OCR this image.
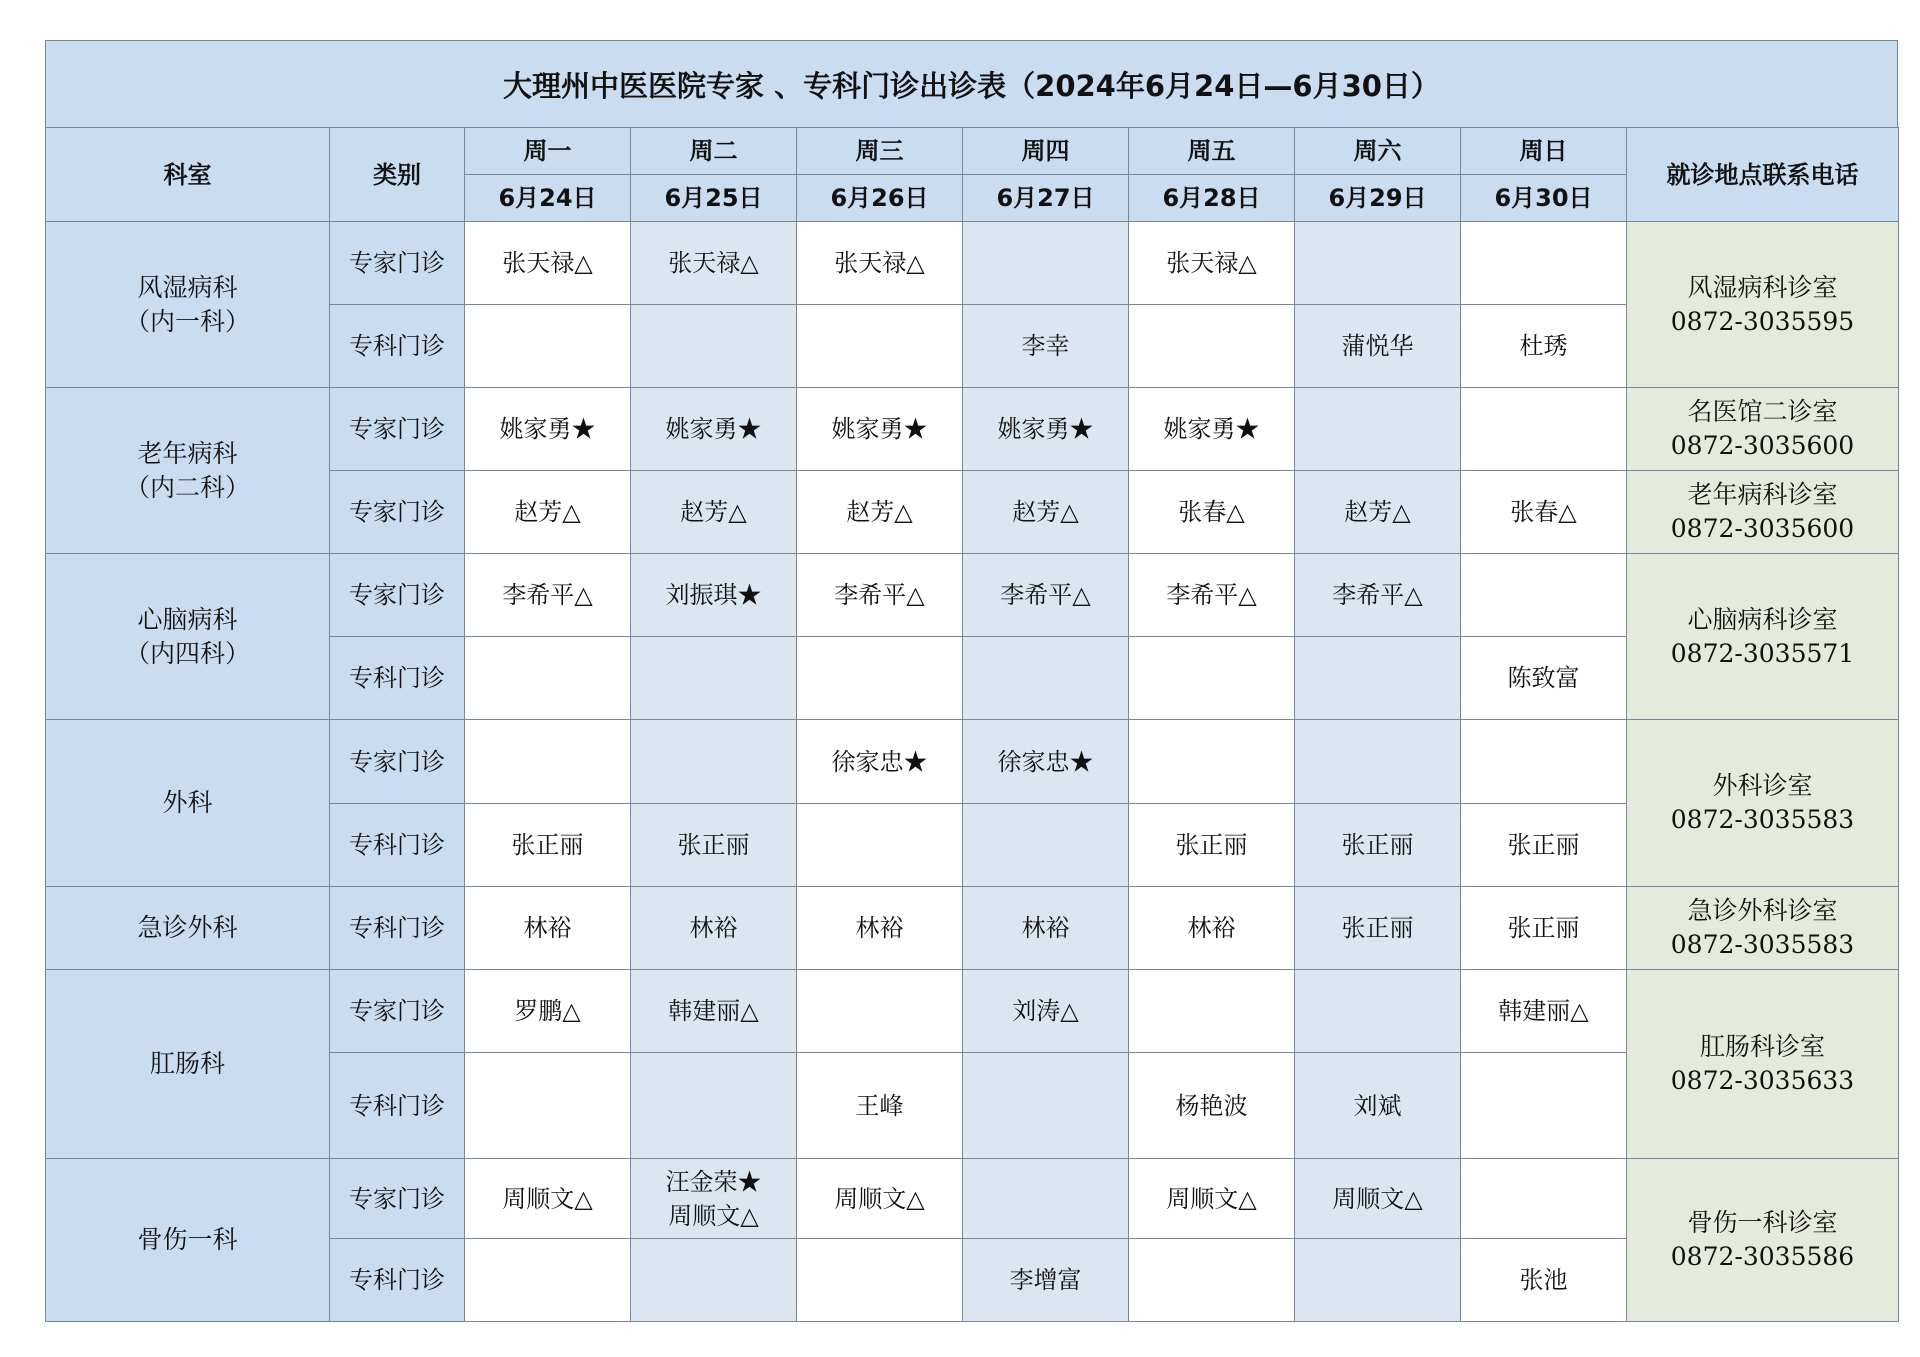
大理州中医医院专家 、专科门诊出诊表（2024年6月24日—6月30日）
科室	类别	周一	周二	周三	周四	周五	周六	周日	就诊地点联系电话
		6月24日	6月25日	6月26日	6月27日	6月28日	6月29日	6月30日	

风湿病科
（内一科）	专家门诊	张天禄△	张天禄△	张天禄△		张天禄△			风湿病科诊室
0872-3035595

	专科门诊				李幸		蒲悦华	杜琇	

老年病科
（内二科）	专家门诊	姚家勇★	姚家勇★	姚家勇★	姚家勇★	姚家勇★			名医馆二诊室
0872-3035600

	专家门诊	赵芳△	赵芳△	赵芳△	赵芳△	张春△	赵芳△	张春△	老年病科诊室
0872-3035600

心脑病科
（内四科）	专家门诊	李希平△	刘振琪★	李希平△	李希平△	李希平△	李希平△		心脑病科诊室
0872-3035571

	专科门诊							陈致富	

外科	专家门诊			徐家忠★	徐家忠★				外科诊室
0872-3035583

	专科门诊	张正丽	张正丽			张正丽	张正丽	张正丽	

急诊外科	专科门诊	林裕	林裕	林裕	林裕	林裕	张正丽	张正丽	急诊外科诊室
0872-3035583

肛肠科	专家门诊	罗鹏△	韩建丽△		刘涛△			韩建丽△	肛肠科诊室
0872-3035633

	专科门诊			王峰		杨艳波	刘斌		

骨伤一科	专家门诊	周顺文△	汪金荣★
周顺文△	周顺文△		周顺文△	周顺文△		骨伤一科诊室
0872-3035586

	专科门诊				李增富			张池	
